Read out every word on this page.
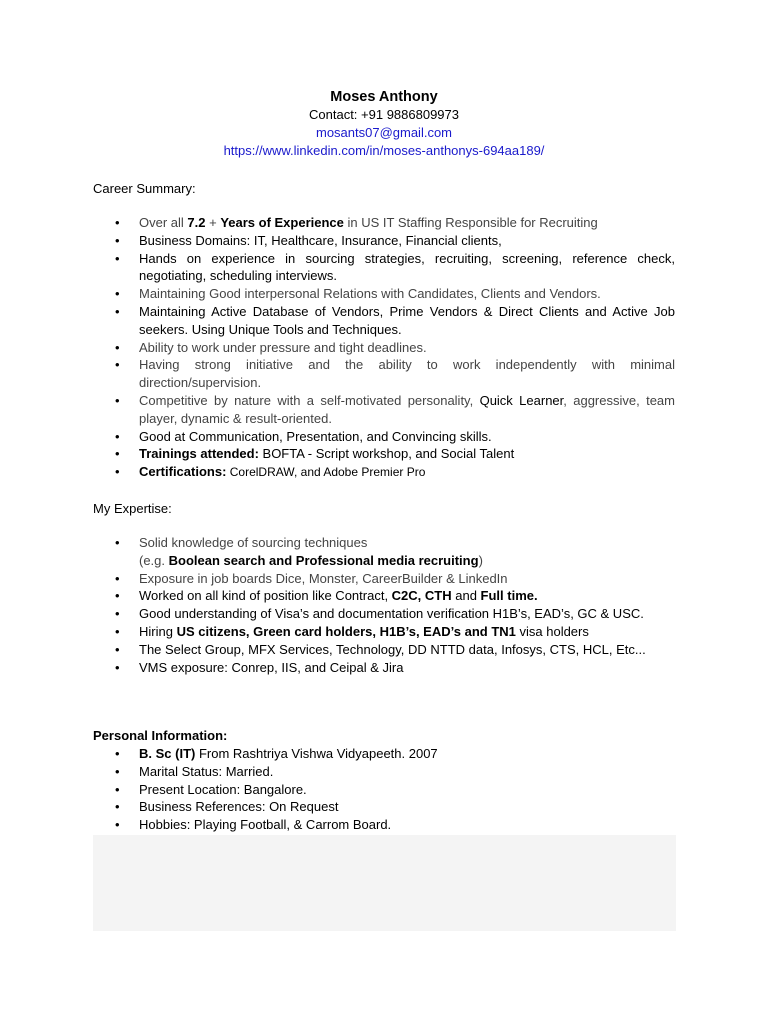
Moses Anthony
Contact: +91 9886809973
mosants07@gmail.com
https://www.linkedin.com/in/moses-anthonys-694aa189/
Career Summary:
• Over all 7.2 + Years of Experience in US IT Staffing Responsible for Recruiting
• Business Domains: IT, Healthcare, Insurance, Financial clients,
• Hands on experience in sourcing strategies, recruiting, screening, reference check, negotiating, scheduling interviews.
• Maintaining Good interpersonal Relations with Candidates, Clients and Vendors.
• Maintaining Active Database of Vendors, Prime Vendors & Direct Clients and Active Job seekers. Using Unique Tools and Techniques.
• Ability to work under pressure and tight deadlines.
• Having strong initiative and the ability to work independently with minimal direction/supervision.
• Competitive by nature with a self-motivated personality, Quick Learner, aggressive, team player, dynamic & result-oriented.
• Good at Communication, Presentation, and Convincing skills.
• Trainings attended: BOFTA - Script workshop, and Social Talent
• Certifications: CorelDRAW, and Adobe Premier Pro
My Expertise:
• Solid knowledge of sourcing techniques
(e.g. Boolean search and Professional media recruiting)
• Exposure in job boards Dice, Monster, CareerBuilder & LinkedIn
• Worked on all kind of position like Contract, C2C, CTH and Full time.
• Good understanding of Visa’s and documentation verification H1B’s, EAD’s, GC & USC.
• Hiring US citizens, Green card holders, H1B’s, EAD’s and TN1 visa holders
• The Select Group, MFX Services, Technology, DD NTTD data, Infosys, CTS, HCL, Etc...
• VMS exposure: Conrep, IIS, and Ceipal & Jira
Personal Information:
• B. Sc (IT) From Rashtriya Vishwa Vidyapeeth. 2007
• Marital Status: Married.
• Present Location: Bangalore.
• Business References: On Request
• Hobbies: Playing Football, & Carrom Board.
